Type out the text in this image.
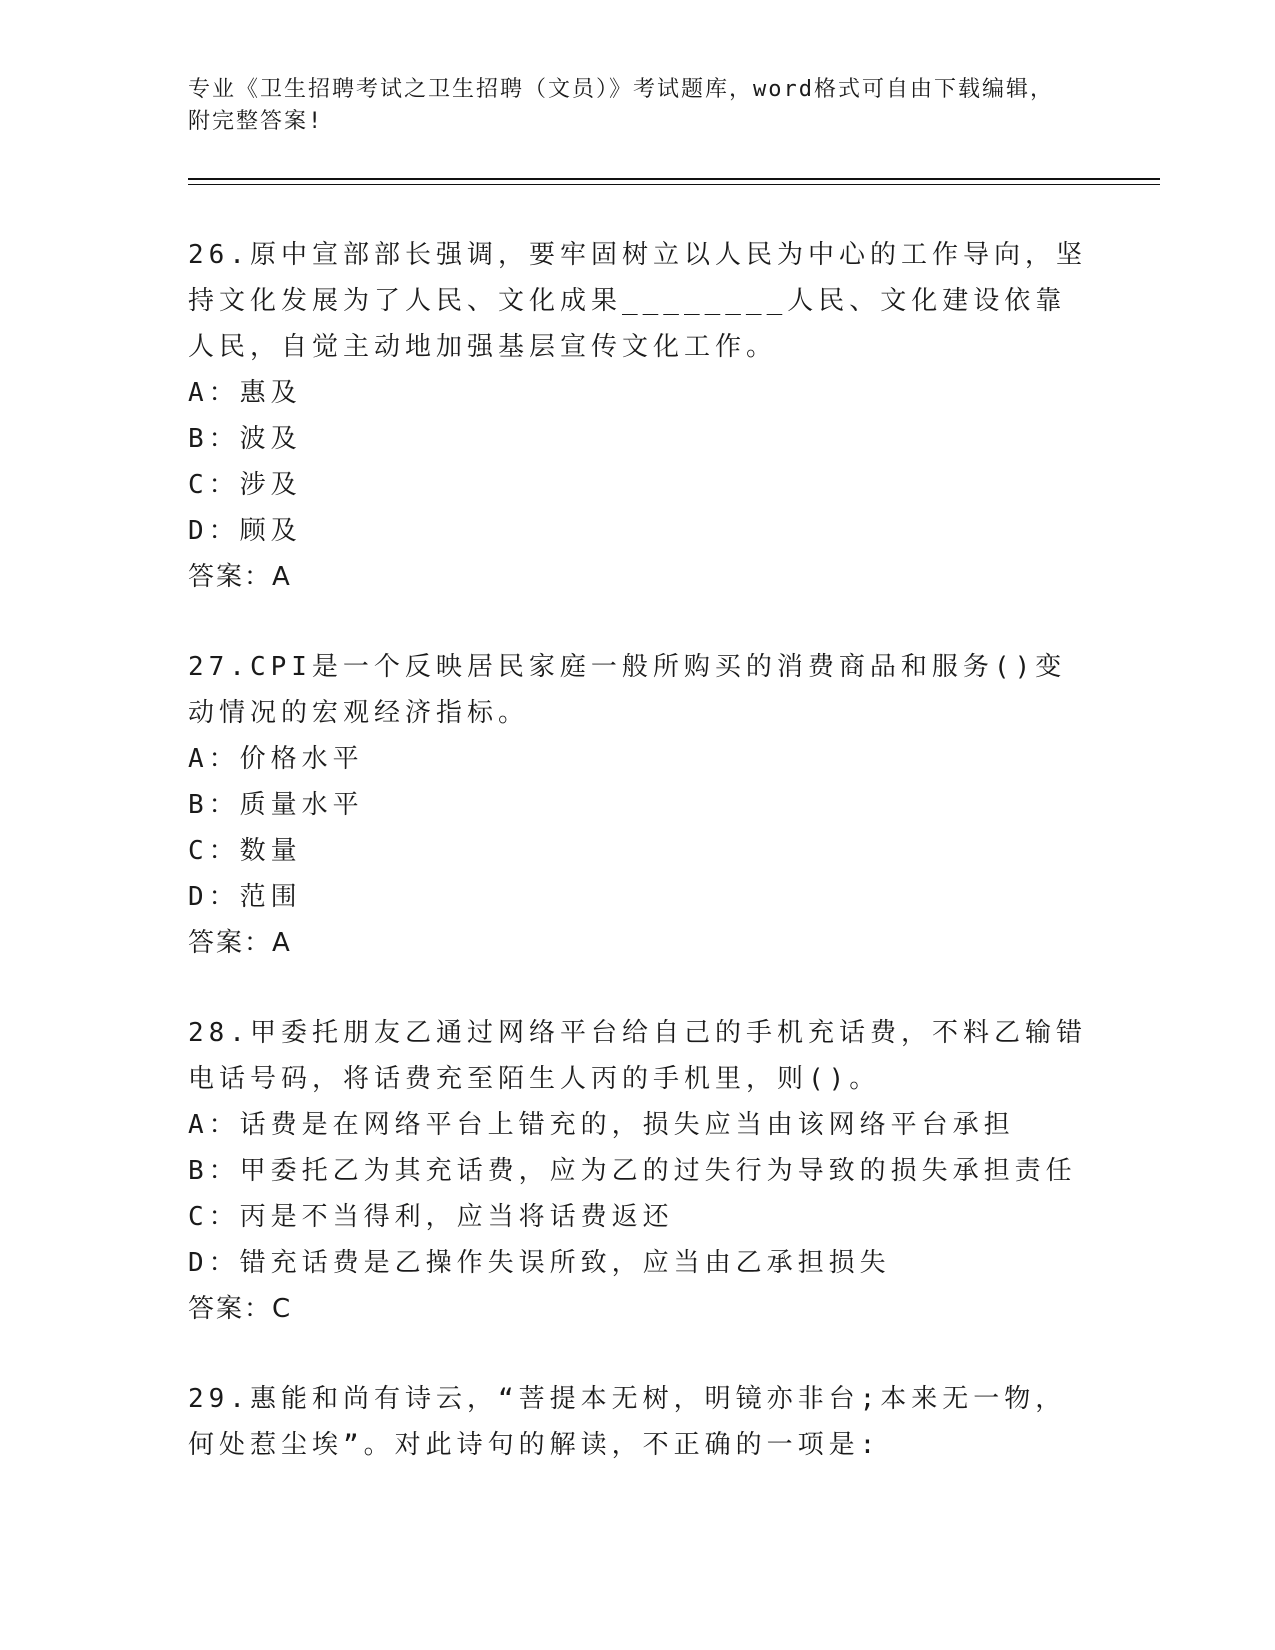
专业《卫生招聘考试之卫生招聘（文员）》考试题库，word格式可自由下载编辑，附完整答案!
26.原中宣部部长强调，要牢固树立以人民为中心的工作导向，坚持文化发展为了人民、文化成果________人民、文化建设依靠人民，自觉主动地加强基层宣传文化工作。
A：惠及
B：波及
C：涉及
D：顾及
答案：A
27.CPI是一个反映居民家庭一般所购买的消费商品和服务()变动情况的宏观经济指标。
A：价格水平
B：质量水平
C：数量
D：范围
答案：A
28.甲委托朋友乙通过网络平台给自己的手机充话费，不料乙输错电话号码，将话费充至陌生人丙的手机里，则()。
A：话费是在网络平台上错充的，损失应当由该网络平台承担
B：甲委托乙为其充话费，应为乙的过失行为导致的损失承担责任
C：丙是不当得利，应当将话费返还
D：错充话费是乙操作失误所致，应当由乙承担损失
答案：C
29.惠能和尚有诗云，“菩提本无树，明镜亦非台;本来无一物，何处惹尘埃”。对此诗句的解读，不正确的一项是:
